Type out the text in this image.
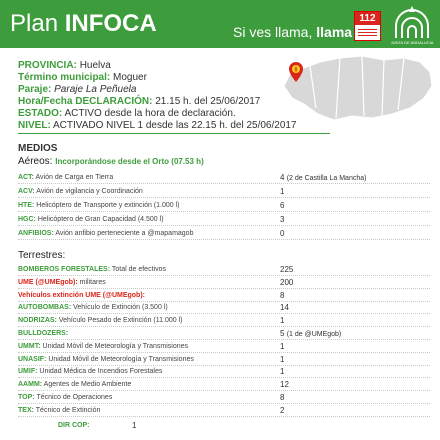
Plan INFOCA	Si ves llama, llama
112
JUNTA DE ANDALUCIA
PROVINCIA: Huelva
Término municipal: Moguer
Paraje: Paraje La Peñuela
Hora/Fecha DECLARACIÓN: 21.15 h. del 25/06/2017
ESTADO: ACTIVO desde la hora de declaración.
NIVEL: ACTIVADO NIVEL 1 desde las 22.15 h. del 25/06/2017
MEDIOS
Aéreos: Incorporándose desde el Orto (07.53 h)
ACT: Avión de Carga en Tierra	4 (2 de Castilla La Mancha)
ACV: Avión de vigilancia y Coordinación	1
HTE: Helicóptero de Transporte y extinción (1.000 l)	6
HGC: Helicóptero de Gran Capacidad (4.500 l)	3
ANFIBIOS: Avión anfibio perteneciente a @mapamagob	0
Terrestres:
BOMBEROS FORESTALES: Total de efectivos	225
UME (@UMEgob): militares	200
Vehículos extinción UME (@UMEgob):	8
AUTOBOMBAS: Vehículo de Extinción (3.500 l)	14
NODRIZAS: Vehículo Pesado de Extinción (11.000 l)	1
BULLDOZERS:	5 (1 de @UMEgob)
UMMT: Unidad Móvil de Meteorología y Transmisiones	1
UNASIF: Unidad Móvil de Meteorología y Transmisiones	1
UMIF: Unidad Médica de Incendios Forestales	1
AAMM: Agentes de Medio Ambiente	12
TOP: Técnico de Operaciones	8
TEX: Técnico de Extinción	2
DIR COP:	1
